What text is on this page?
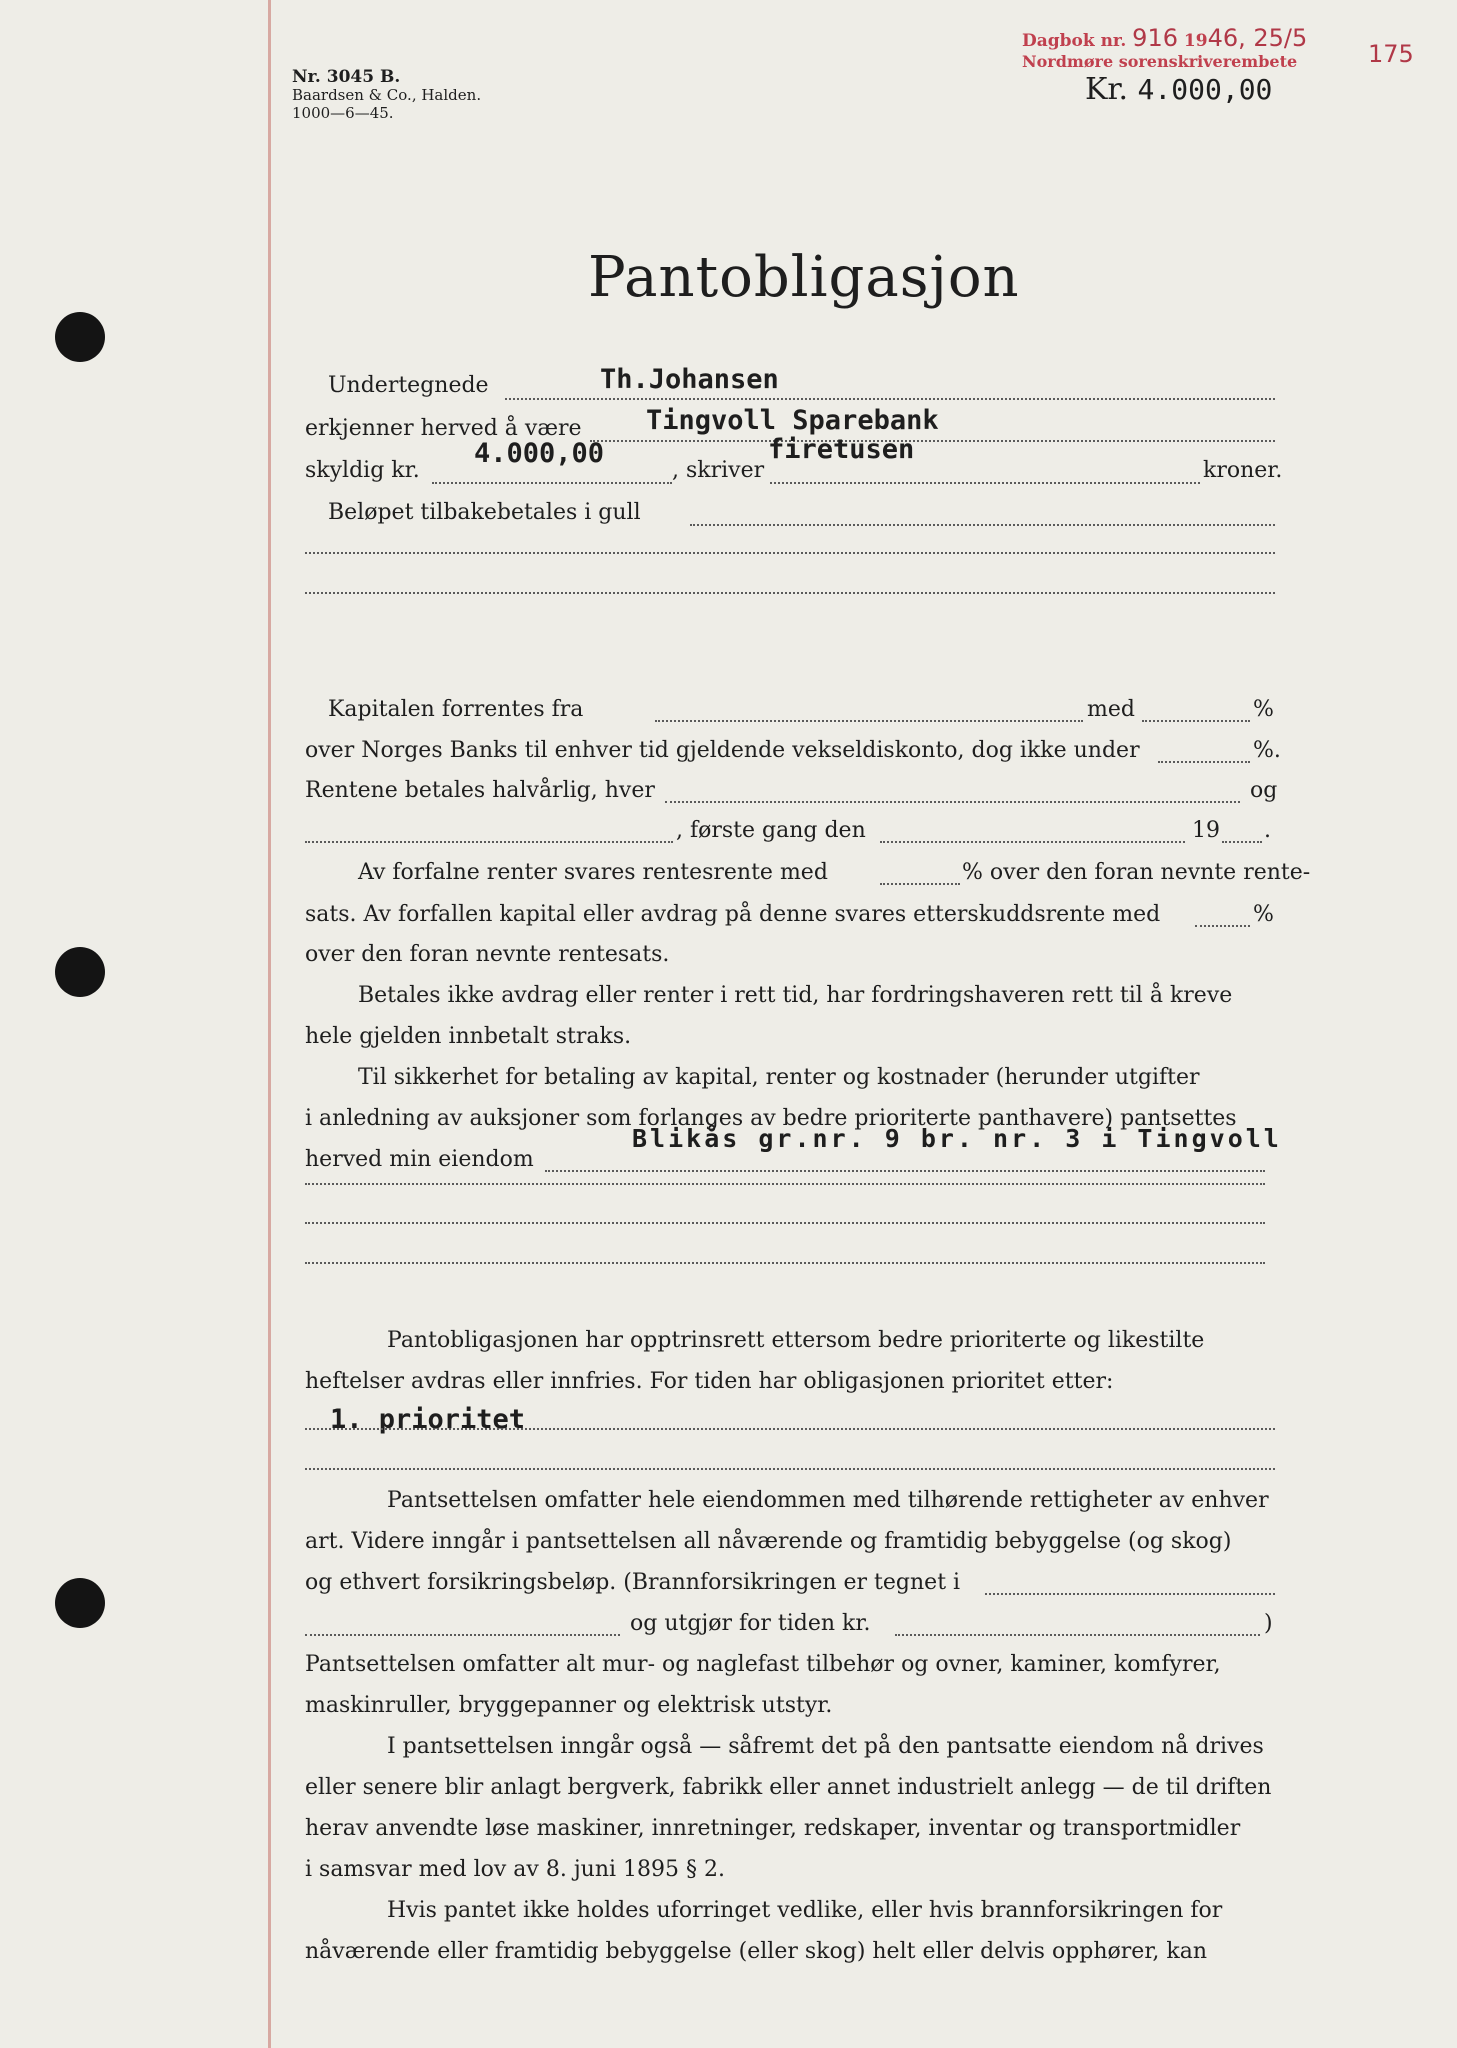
Dagbok nr. 916 1946, 25/5
Nordmøre sorenskriverembete	175
Nr. 3045 B.
Baardsen & Co., Halden.
1000—6—45.
Kr. 4.000,00
Pantobligasjon
Undertegnede	Th.Johansen
erkjenner herved å være Tingvoll Sparebank
skyldig kr.
4.000,00
, skriver
firetusen
kroner.
Beløpet tilbakebetales i gull
Kapitalen forrentes fra	med	%
over Norges Banks til enhver tid gjeldende vekseldiskonto, dog ikke under	%.
Rentene betales halvårlig, hver	og
, første gang den	19 .
Av forfalne renter svares rentesrente med	% over den foran nevnte rente-
sats. Av forfallen kapital eller avdrag på denne svares etterskuddsrente med	%
over den foran nevnte rentesats.
Betales ikke avdrag eller renter i rett tid, har fordringshaveren rett til å kreve
hele gjelden innbetalt straks.
Til sikkerhet for betaling av kapital, renter og kostnader (herunder utgifter
i anledning av auksjoner som forlanges av bedre prioriterte panthavere) pantsettes
herved min eiendom
Blikås gr.nr. 9 br. nr. 3 i Tingvoll
Pantobligasjonen har opptrinsrett ettersom bedre prioriterte og likestilte
heftelser avdras eller innfries. For tiden har obligasjonen prioritet etter:
1. prioritet
Pantsettelsen omfatter hele eiendommen med tilhørende rettigheter av enhver
art. Videre inngår i pantsettelsen all nåværende og framtidig bebyggelse (og skog)
og ethvert forsikringsbeløp. (Brannforsikringen er tegnet i
og utgjør for tiden kr.	)
Pantsettelsen omfatter alt mur- og naglefast tilbehør og ovner, kaminer, komfyrer,
maskinruller, bryggepanner og elektrisk utstyr.
I pantsettelsen inngår også — såfremt det på den pantsatte eiendom nå drives
eller senere blir anlagt bergverk, fabrikk eller annet industrielt anlegg — de til driften
herav anvendte løse maskiner, innretninger, redskaper, inventar og transportmidler
i samsvar med lov av 8. juni 1895 § 2.
Hvis pantet ikke holdes uforringet vedlike, eller hvis brannforsikringen for
nåværende eller framtidig bebyggelse (eller skog) helt eller delvis opphører, kan
